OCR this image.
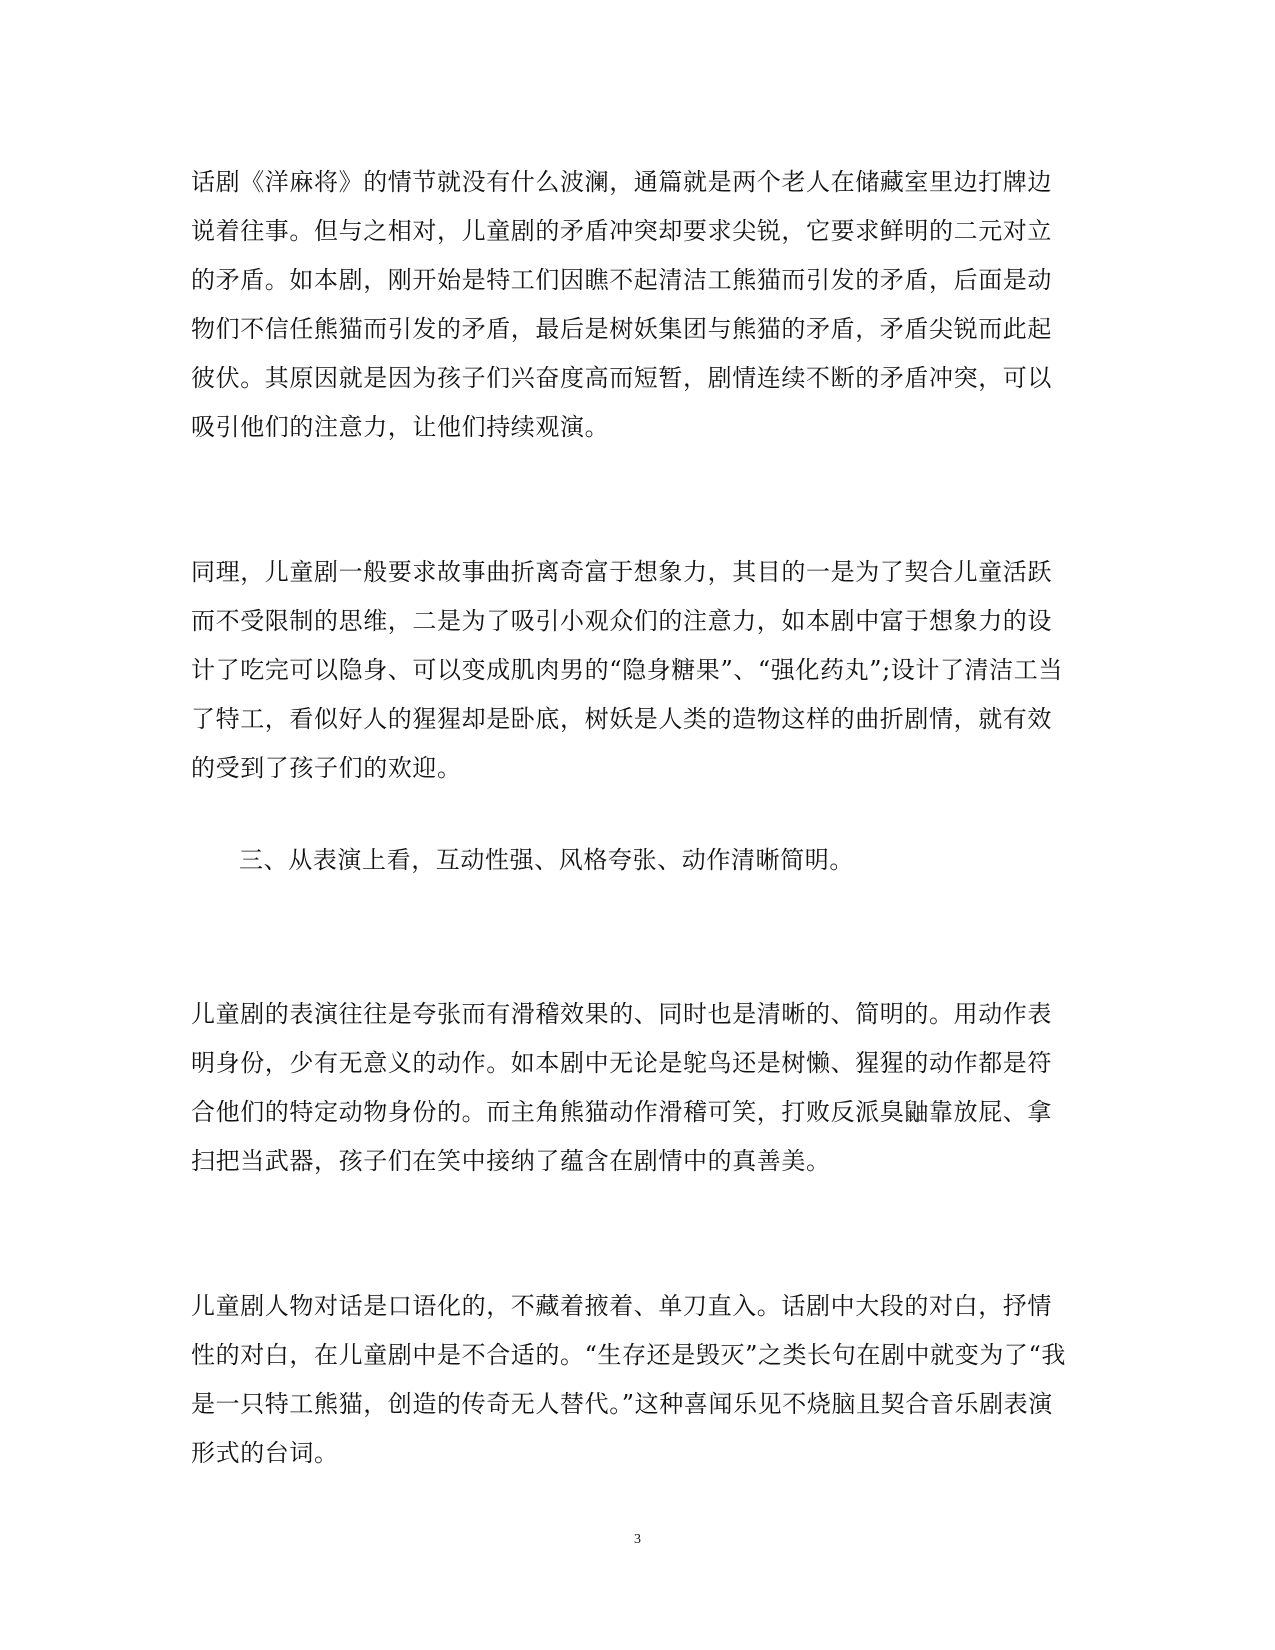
话剧《洋麻将》的情节就没有什么波澜，通篇就是两个老人在储藏室里边打牌边说着往事。但与之相对，儿童剧的矛盾冲突却要求尖锐，它要求鲜明的二元对立的矛盾。如本剧，刚开始是特工们因瞧不起清洁工熊猫而引发的矛盾，后面是动物们不信任熊猫而引发的矛盾，最后是树妖集团与熊猫的矛盾，矛盾尖锐而此起彼伏。其原因就是因为孩子们兴奋度高而短暂，剧情连续不断的矛盾冲突，可以吸引他们的注意力，让他们持续观演。

同理，儿童剧一般要求故事曲折离奇富于想象力，其目的一是为了契合儿童活跃而不受限制的思维，二是为了吸引小观众们的注意力，如本剧中富于想象力的设计了吃完可以隐身、可以变成肌肉男的“隐身糖果”、“强化药丸”;设计了清洁工当了特工，看似好人的猩猩却是卧底，树妖是人类的造物这样的曲折剧情，就有效的受到了孩子们的欢迎。

三、从表演上看，互动性强、风格夸张、动作清晰简明。

儿童剧的表演往往是夸张而有滑稽效果的、同时也是清晰的、简明的。用动作表明身份，少有无意义的动作。如本剧中无论是鸵鸟还是树懒、猩猩的动作都是符合他们的特定动物身份的。而主角熊猫动作滑稽可笑，打败反派臭鼬靠放屁、拿扫把当武器，孩子们在笑中接纳了蕴含在剧情中的真善美。

儿童剧人物对话是口语化的，不藏着掖着、单刀直入。话剧中大段的对白，抒情性的对白，在儿童剧中是不合适的。“生存还是毁灭”之类长句在剧中就变为了“我是一只特工熊猫，创造的传奇无人替代。”这种喜闻乐见不烧脑且契合音乐剧表演形式的台词。

3
